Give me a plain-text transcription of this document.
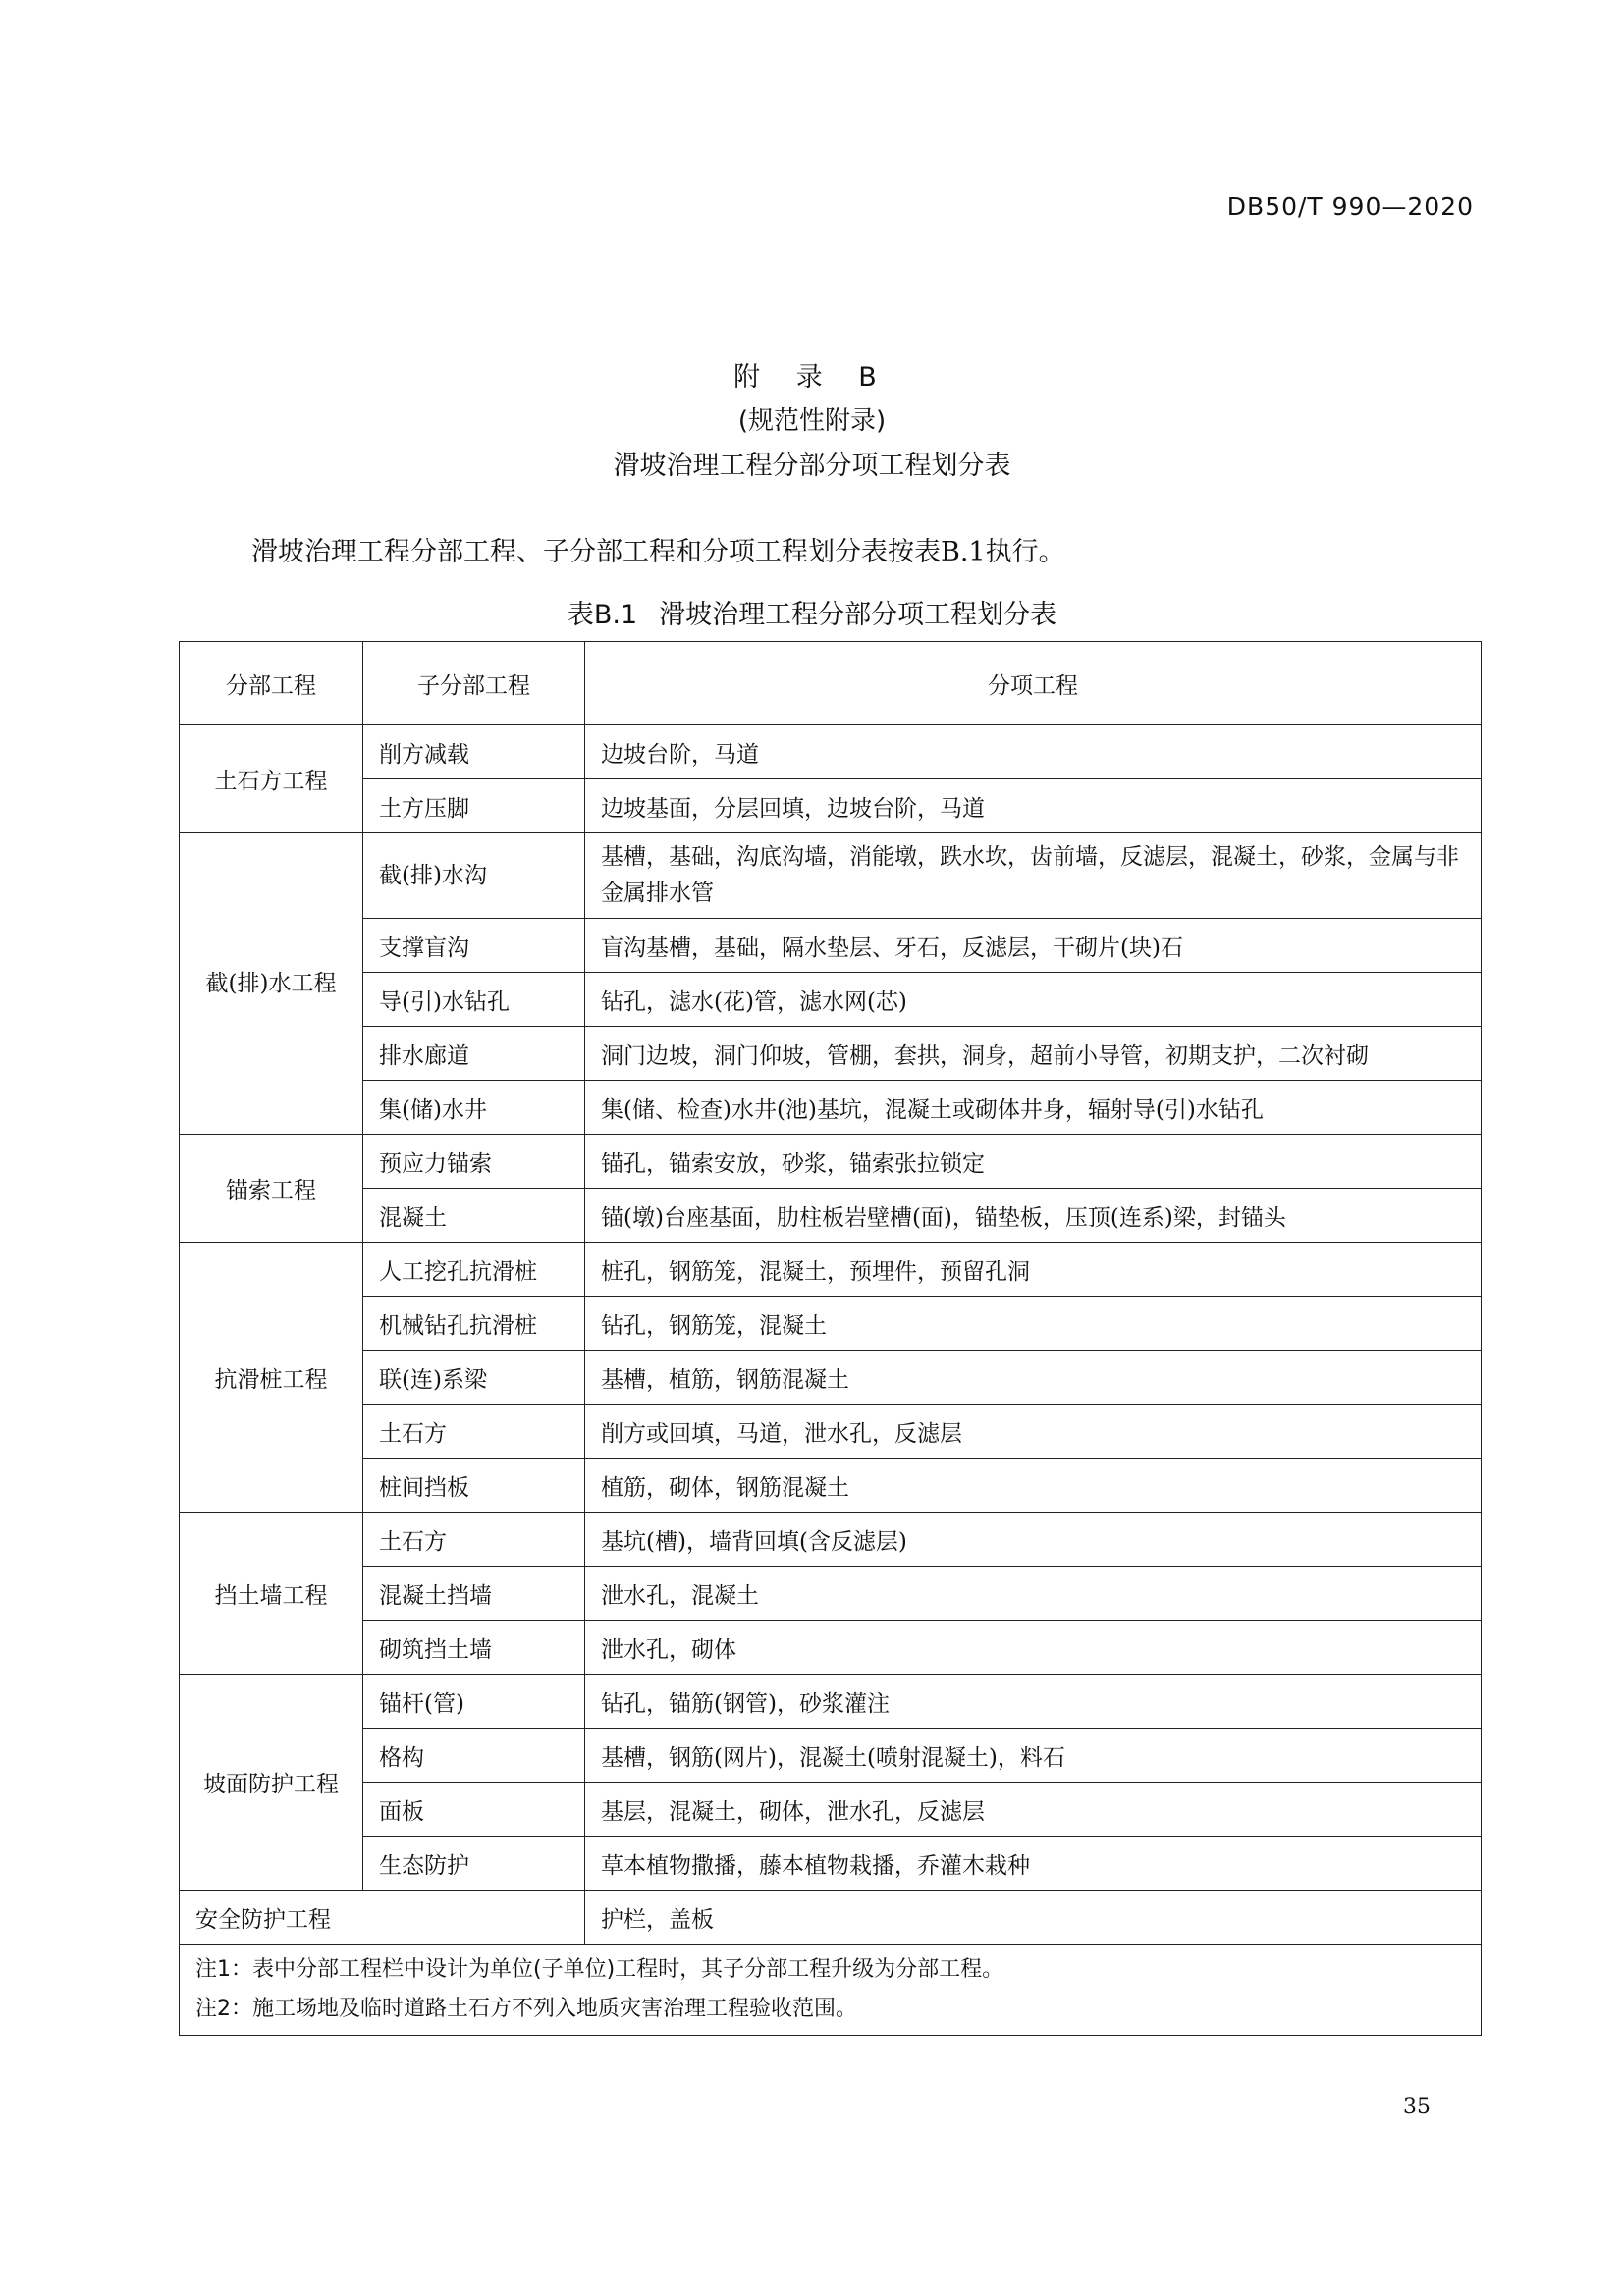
DB50/T 990—2020
附 录 B
(规范性附录)
滑坡治理工程分部分项工程划分表
滑坡治理工程分部工程、子分部工程和分项工程划分表按表B.1执行。
表B.1 滑坡治理工程分部分项工程划分表
分部工程	子分部工程	分项工程
土石方工程	削方减载	边坡台阶，马道
	土方压脚	边坡基面，分层回填，边坡台阶，马道
截(排)水工程	截(排)水沟	基槽，基础，沟底沟墙，消能墩，跌水坎，齿前墙，反滤层，混凝土，砂浆，金属与非金属排水管
	支撑盲沟	盲沟基槽，基础，隔水垫层、牙石，反滤层，干砌片(块)石
	导(引)水钻孔	钻孔，滤水(花)管，滤水网(芯)
	排水廊道	洞门边坡，洞门仰坡，管棚，套拱，洞身，超前小导管，初期支护，二次衬砌
	集(储)水井	集(储、检查)水井(池)基坑，混凝土或砌体井身，辐射导(引)水钻孔
锚索工程	预应力锚索	锚孔，锚索安放，砂浆，锚索张拉锁定
	混凝土	锚(墩)台座基面，肋柱板岩壁槽(面)，锚垫板，压顶(连系)梁，封锚头
抗滑桩工程	人工挖孔抗滑桩	桩孔，钢筋笼，混凝土，预埋件，预留孔洞
	机械钻孔抗滑桩	钻孔，钢筋笼，混凝土
	联(连)系梁	基槽，植筋，钢筋混凝土
	土石方	削方或回填，马道，泄水孔，反滤层
	桩间挡板	植筋，砌体，钢筋混凝土
挡土墙工程	土石方	基坑(槽)，墙背回填(含反滤层)
	混凝土挡墙	泄水孔，混凝土
	砌筑挡土墙	泄水孔，砌体
坡面防护工程	锚杆(管)	钻孔，锚筋(钢管)，砂浆灌注
	格构	基槽，钢筋(网片)，混凝土(喷射混凝土)，料石
	面板	基层，混凝土，砌体，泄水孔，反滤层
	生态防护	草本植物撒播，藤本植物栽播，乔灌木栽种
安全防护工程		护栏，盖板

注1：表中分部工程栏中设计为单位(子单位)工程时，其子分部工程升级为分部工程。
注2：施工场地及临时道路土石方不列入地质灾害治理工程验收范围。		
35
